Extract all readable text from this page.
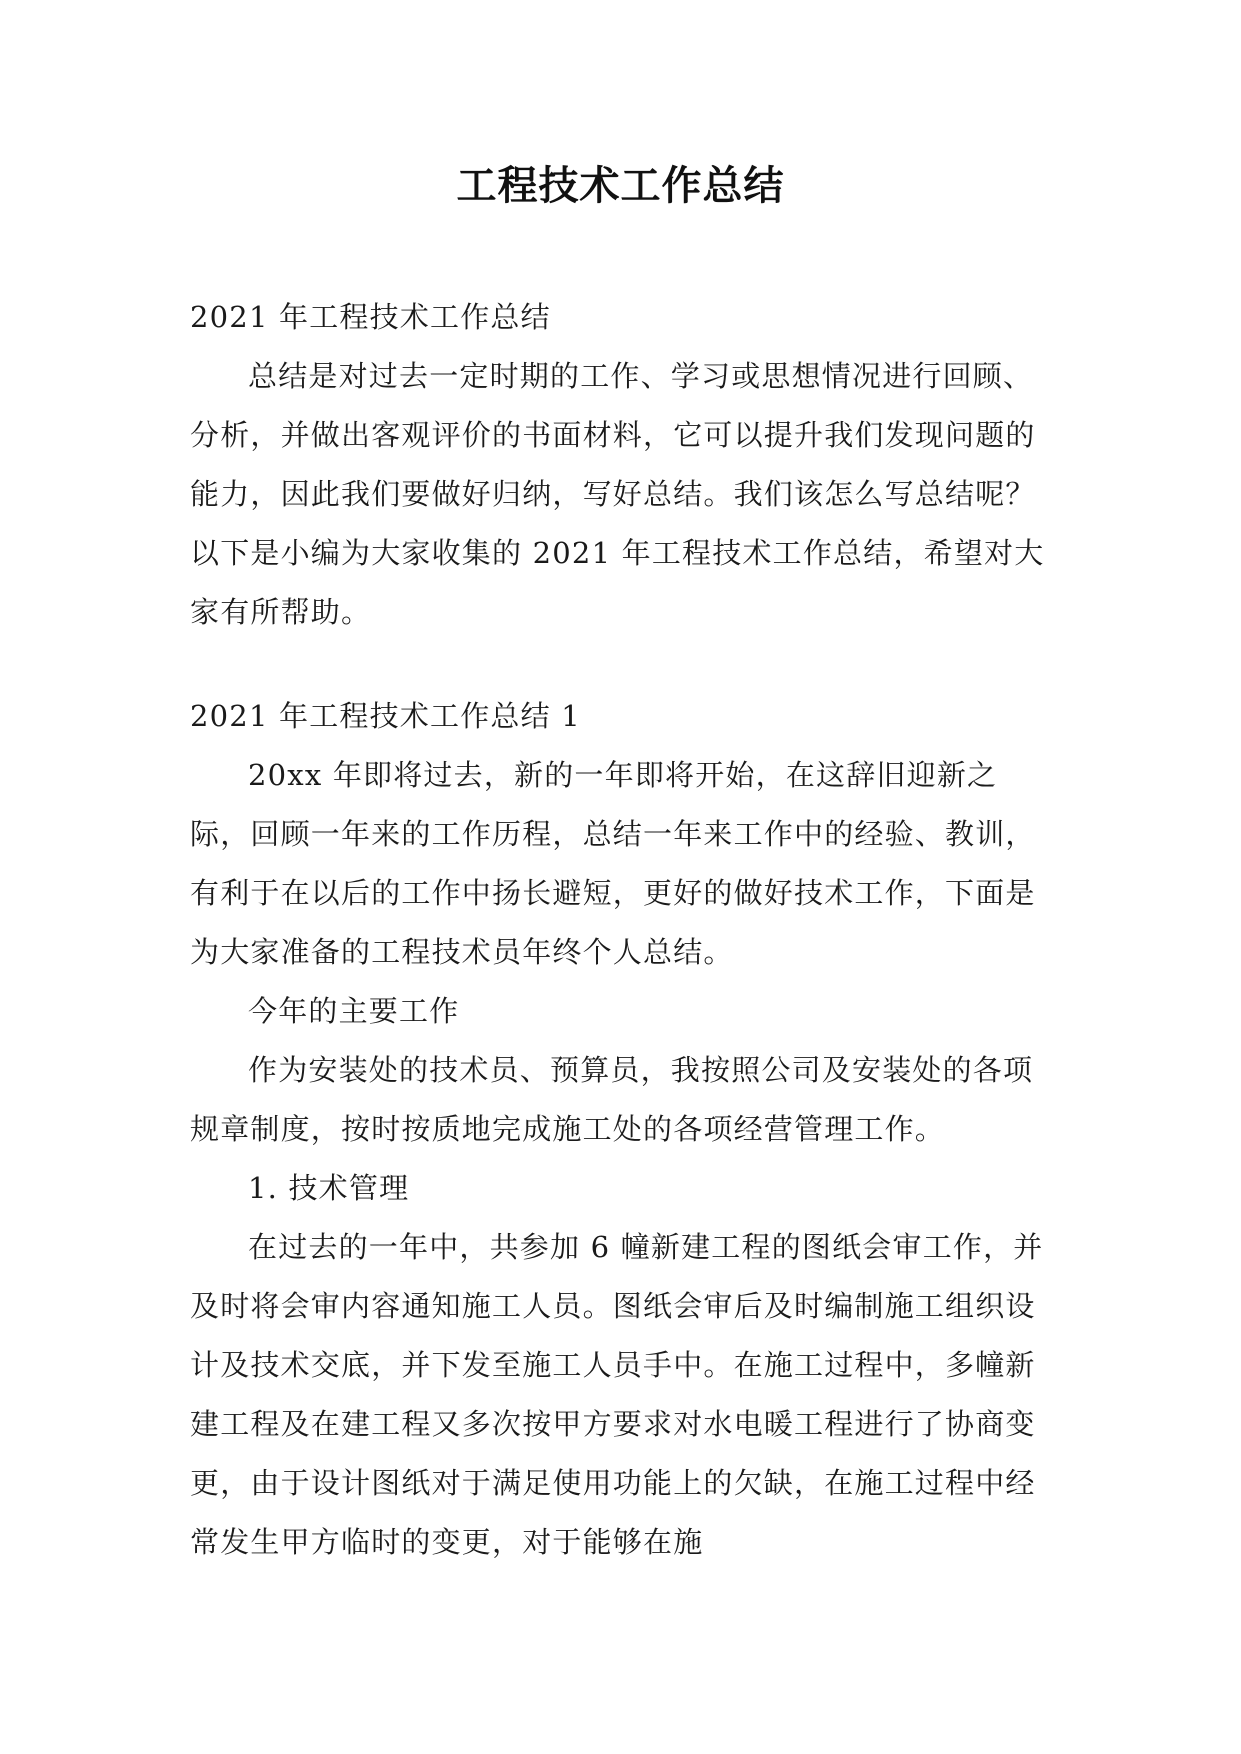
工程技术工作总结

2021 年工程技术工作总结

总结是对过去一定时期的工作、学习或思想情况进行回顾、分析，并做出客观评价的书面材料，它可以提升我们发现问题的能力，因此我们要做好归纳，写好总结。我们该怎么写总结呢？以下是小编为大家收集的 2021 年工程技术工作总结，希望对大家有所帮助。

2021 年工程技术工作总结 1

20xx 年即将过去，新的一年即将开始，在这辞旧迎新之际，回顾一年来的工作历程，总结一年来工作中的经验、教训，有利于在以后的工作中扬长避短，更好的做好技术工作，下面是为大家准备的工程技术员年终个人总结。

今年的主要工作

作为安装处的技术员、预算员，我按照公司及安装处的各项规章制度，按时按质地完成施工处的各项经营管理工作。

1. 技术管理

在过去的一年中，共参加 6 幢新建工程的图纸会审工作，并及时将会审内容通知施工人员。图纸会审后及时编制施工组织设计及技术交底，并下发至施工人员手中。在施工过程中，多幢新建工程及在建工程又多次按甲方要求对水电暖工程进行了协商变更，由于设计图纸对于满足使用功能上的欠缺，在施工过程中经常发生甲方临时的变更，对于能够在施
